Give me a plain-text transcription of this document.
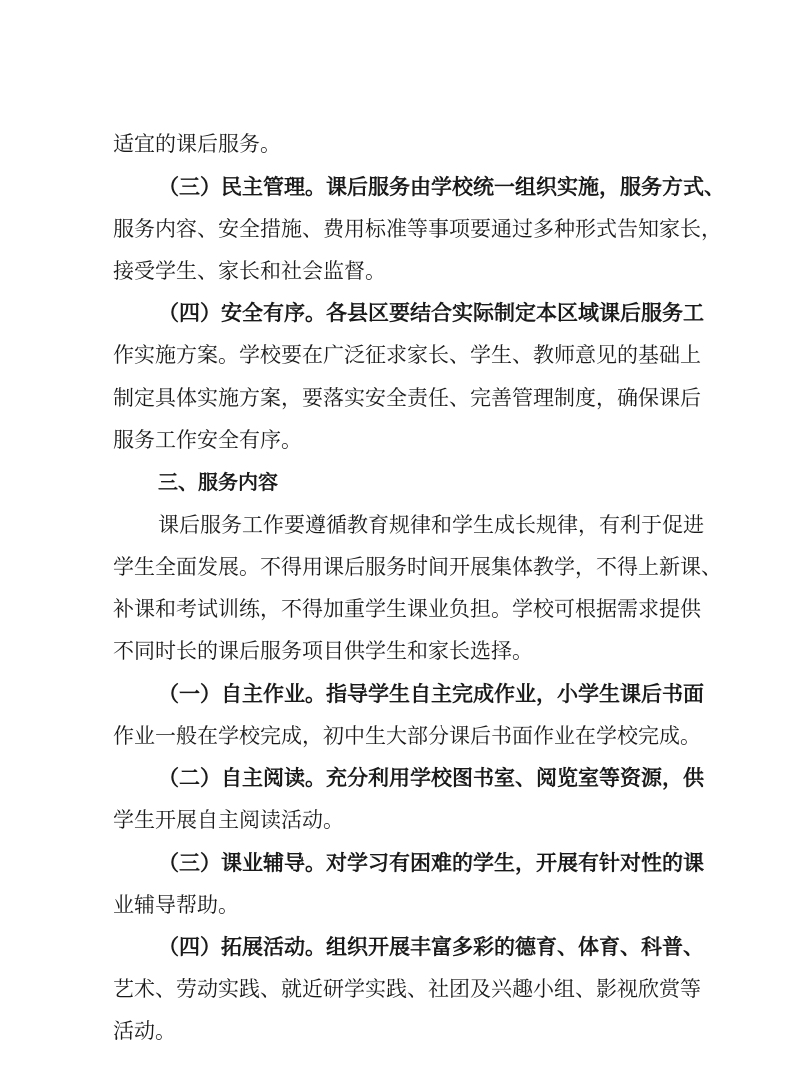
适宜的课后服务。
（三）民主管理。课后服务由学校统一组织实施，服务方式、
服务内容、安全措施、费用标准等事项要通过多种形式告知家长，
接受学生、家长和社会监督。
（四）安全有序。各县区要结合实际制定本区域课后服务工
作实施方案。学校要在广泛征求家长、学生、教师意见的基础上
制定具体实施方案，要落实安全责任、完善管理制度，确保课后
服务工作安全有序。
三、服务内容
课后服务工作要遵循教育规律和学生成长规律，有利于促进
学生全面发展。不得用课后服务时间开展集体教学，不得上新课、
补课和考试训练，不得加重学生课业负担。学校可根据需求提供
不同时长的课后服务项目供学生和家长选择。
（一）自主作业。指导学生自主完成作业，小学生课后书面
作业一般在学校完成，初中生大部分课后书面作业在学校完成。
（二）自主阅读。充分利用学校图书室、阅览室等资源，供
学生开展自主阅读活动。
（三）课业辅导。对学习有困难的学生，开展有针对性的课
业辅导帮助。
（四）拓展活动。组织开展丰富多彩的德育、体育、科普、
艺术、劳动实践、就近研学实践、社团及兴趣小组、影视欣赏等
活动。
